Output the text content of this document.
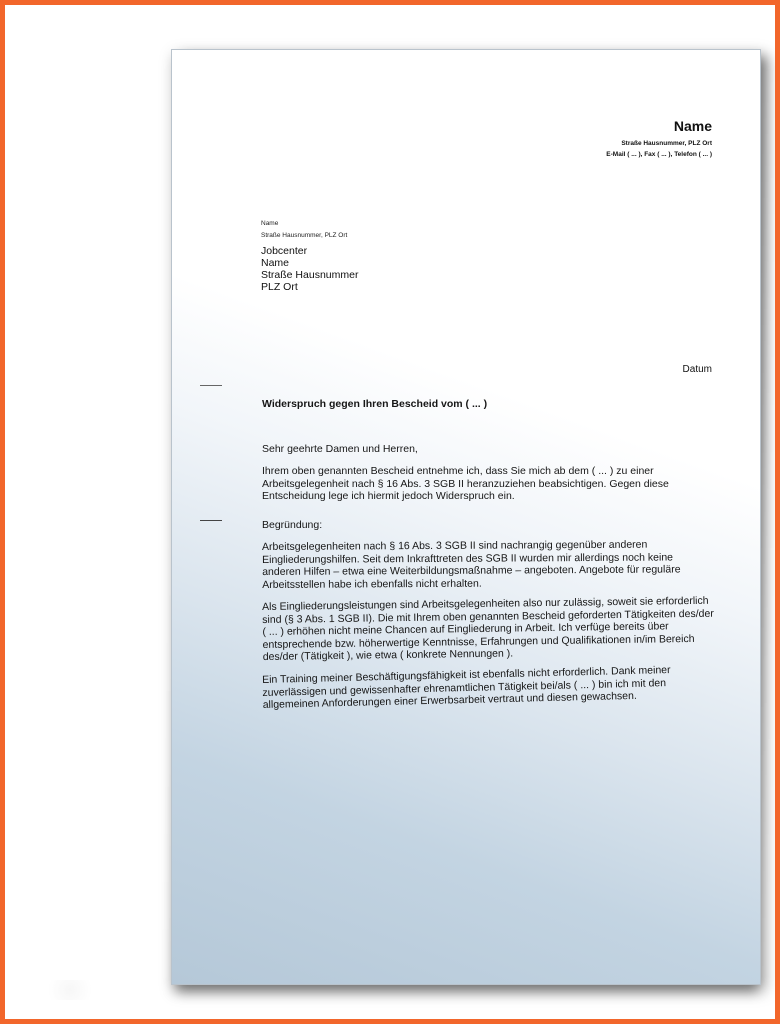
Name
Straße Hausnummer, PLZ Ort
E-Mail ( ... ), Fax ( ... ), Telefon ( ... )
Name
Straße Hausnummer, PLZ Ort
Jobcenter
Name
Straße Hausnummer
PLZ Ort
Datum
Widerspruch gegen Ihren Bescheid vom ( ... )
Sehr geehrte Damen und Herren,
Ihrem oben genannten Bescheid entnehme ich, dass Sie mich ab dem ( ... ) zu einer Arbeitsgelegenheit nach § 16 Abs. 3 SGB II heranzuziehen beabsichtigen. Gegen diese Entscheidung lege ich hiermit jedoch Widerspruch ein.
Begründung:
Arbeitsgelegenheiten nach § 16 Abs. 3 SGB II sind nachrangig gegenüber anderen Eingliederungshilfen. Seit dem Inkrafttreten des SGB II wurden mir allerdings noch keine anderen Hilfen – etwa eine Weiterbildungsmaßnahme – angeboten. Angebote für reguläre Arbeitsstellen habe ich ebenfalls nicht erhalten.
Als Eingliederungsleistungen sind Arbeitsgelegenheiten also nur zulässig, soweit sie erforderlich sind (§ 3 Abs. 1 SGB II). Die mit Ihrem oben genannten Bescheid geforderten Tätigkeiten des/der ( ... ) erhöhen nicht meine Chancen auf Eingliederung in Arbeit. Ich verfüge bereits über entsprechende bzw. höherwertige Kenntnisse, Erfahrungen und Qualifikationen in/im Bereich des/der (Tätigkeit ), wie etwa ( konkrete Nennungen ).
Ein Training meiner Beschäftigungsfähigkeit ist ebenfalls nicht erforderlich. Dank meiner zuverlässigen und gewissenhafter ehrenamtlichen Tätigkeit bei/als ( ... ) bin ich mit den allgemeinen Anforderungen einer Erwerbsarbeit vertraut und diesen gewachsen.
